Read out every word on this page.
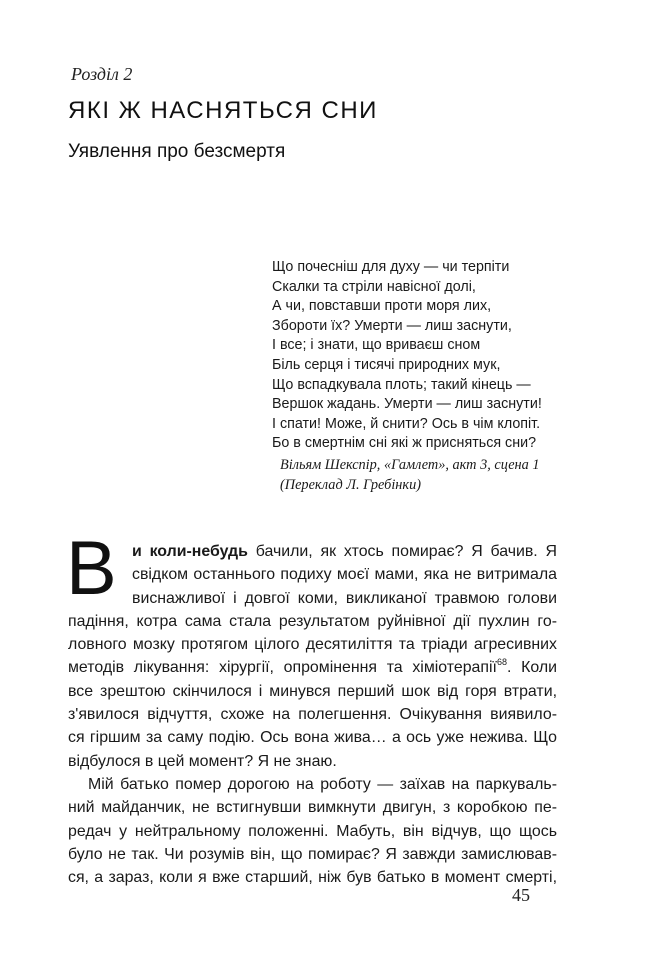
Розділ 2
ЯКІ Ж НАСНЯТЬСЯ СНИ
Уявлення про безсмертя
Що почесніш для духу — чи терпіти
Скалки та стріли навісної долі,
А чи, повставши проти моря лих,
Зборoти їх? Умерти — лиш заснути,
І все; і знати, що вриваєш сном
Біль серця і тисячі природних мук,
Що вспадкувала плоть; такий кінець —
Вершок жадань. Умерти — лиш заснути!
І спати! Може, й снити? Ось в чім клопіт.
Бо в смертнім сні які ж присняться сни?
Вільям Шекспір, «Гамлет», акт 3, сцена 1
(Переклад Л. Гребінки)
В и коли-небудь бачили, як хтось помирає? Я бачив. Я
свідком останнього подиху моєї мами, яка не витримала
виснажливої і довгої коми, викликаної травмою голови
падіння, котра сама стала результатом руйнівної дії пухлин го-
ловного мозку протягом цілого десятиліття та тріади агресивних
методів лікування: хірургії, опромінення та хіміотерапії$^{68}$. Коли
все зрештою скінчилося і минувся перший шок від горя втрати,
з'явилося відчуття, схоже на полегшення. Очікування виявило-
ся гіршим за саму подію. Ось вона жива… а ось уже нежива. Що
відбулося в цей момент? Я не знаю.
Мій батько помер дорогою на роботу — заїхав на паркуваль-
ний майданчик, не встигнувши вимкнути двигун, з коробкою пе-
редач у нейтральному положенні. Мабуть, він відчув, що щось
було не так. Чи розумів він, що помирає? Я завжди замислював-
ся, а зараз, коли я вже старший, ніж був батько в момент смерті,
45
